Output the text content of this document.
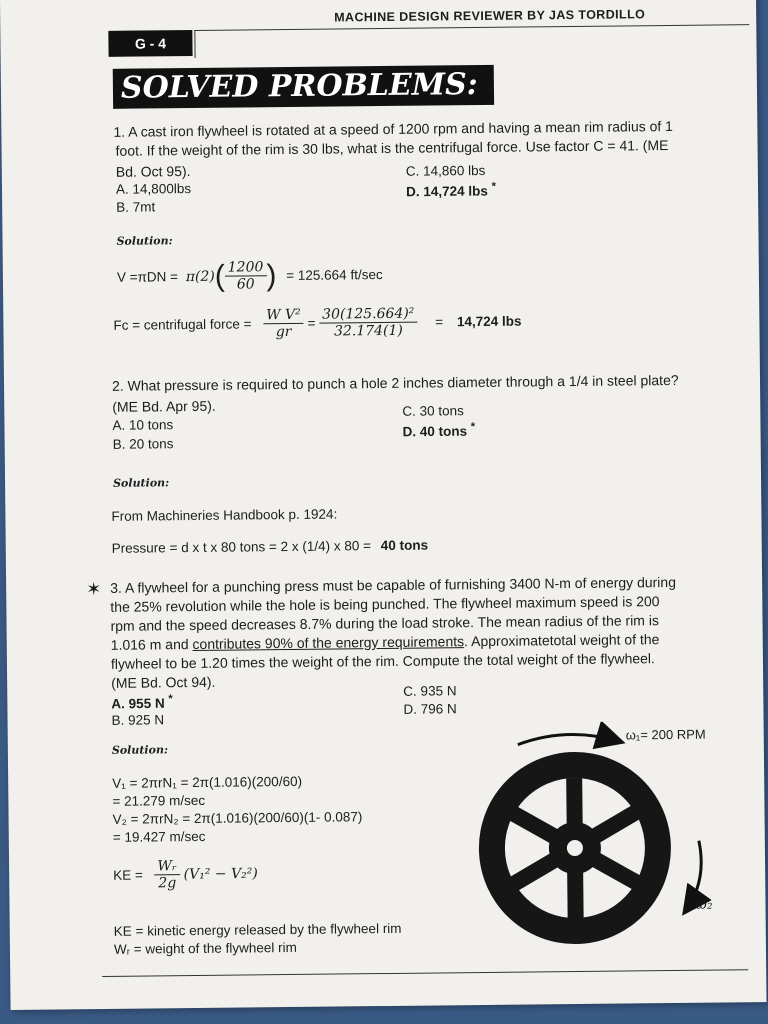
G - 4
MACHINE DESIGN REVIEWER BY JAS TORDILLO
SOLVED PROBLEMS:
1. A cast iron flywheel is rotated at a speed of 1200 rpm and having a mean rim radius of 1
foot. If the weight of the rim is 30 lbs, what is the centrifugal force. Use factor C = 41. (ME
Bd. Oct 95).
A. 14,800lbs
B. 7mt
C. 14,860 lbs
D. 14,724 lbs *
Solution:
$V =\pi DN = \pi(2)( \frac{1200}{60}$ ) = 125.664 ft/sec
Fc = centrifugal force = $\frac{\text{W V²}}{gr} = \frac{\text{30(125.664)²}}{32.174(1)} = 14,724$ lbs
2. What pressure is required to punch a hole 2 inches diameter through a 1/4 in steel plate?
(ME Bd. Apr 95).
A. 10 tons
B. 20 tons
C. 30 tons
D. 40 tons *
Solution:
From Machineries Handbook p. 1924:
Pressure = d x t x 80 tons = 2 x (1/4) x 80 = 40 tons
✶ 3. A flywheel for a punching press must be capable of furnishing 3400 N-m of energy during
the 25% revolution while the hole is being punched. The flywheel maximum speed is 200
rpm and the speed decreases 8.7% during the load stroke. The mean radius of the rim is
1.016 m and contributes 90% of the energy requirements. Approximatetotal weight of the
flywheel to be 1.20 times the weight of the rim. Compute the total weight of the flywheel.
(ME Bd. Oct 94).
A. 955 N *
B. 925 N
C. 935 N
D. 796 N
Solution:
V₁ = 2πrN₁ = 2π(1.016)(200/60)
= 21.279 m/sec
V₂ = 2πrN₂ = 2π(1.016)(200/60)(1- 0.087)
= 19.427 m/sec
KE = $\frac{\text{Wᵣ}}{2g} (V_1^2 - V_2^2)$
KE = kinetic energy released by the flywheel rim
Wᵣ = weight of the flywheel rim
ω₁= 200 RPM
ω₂
